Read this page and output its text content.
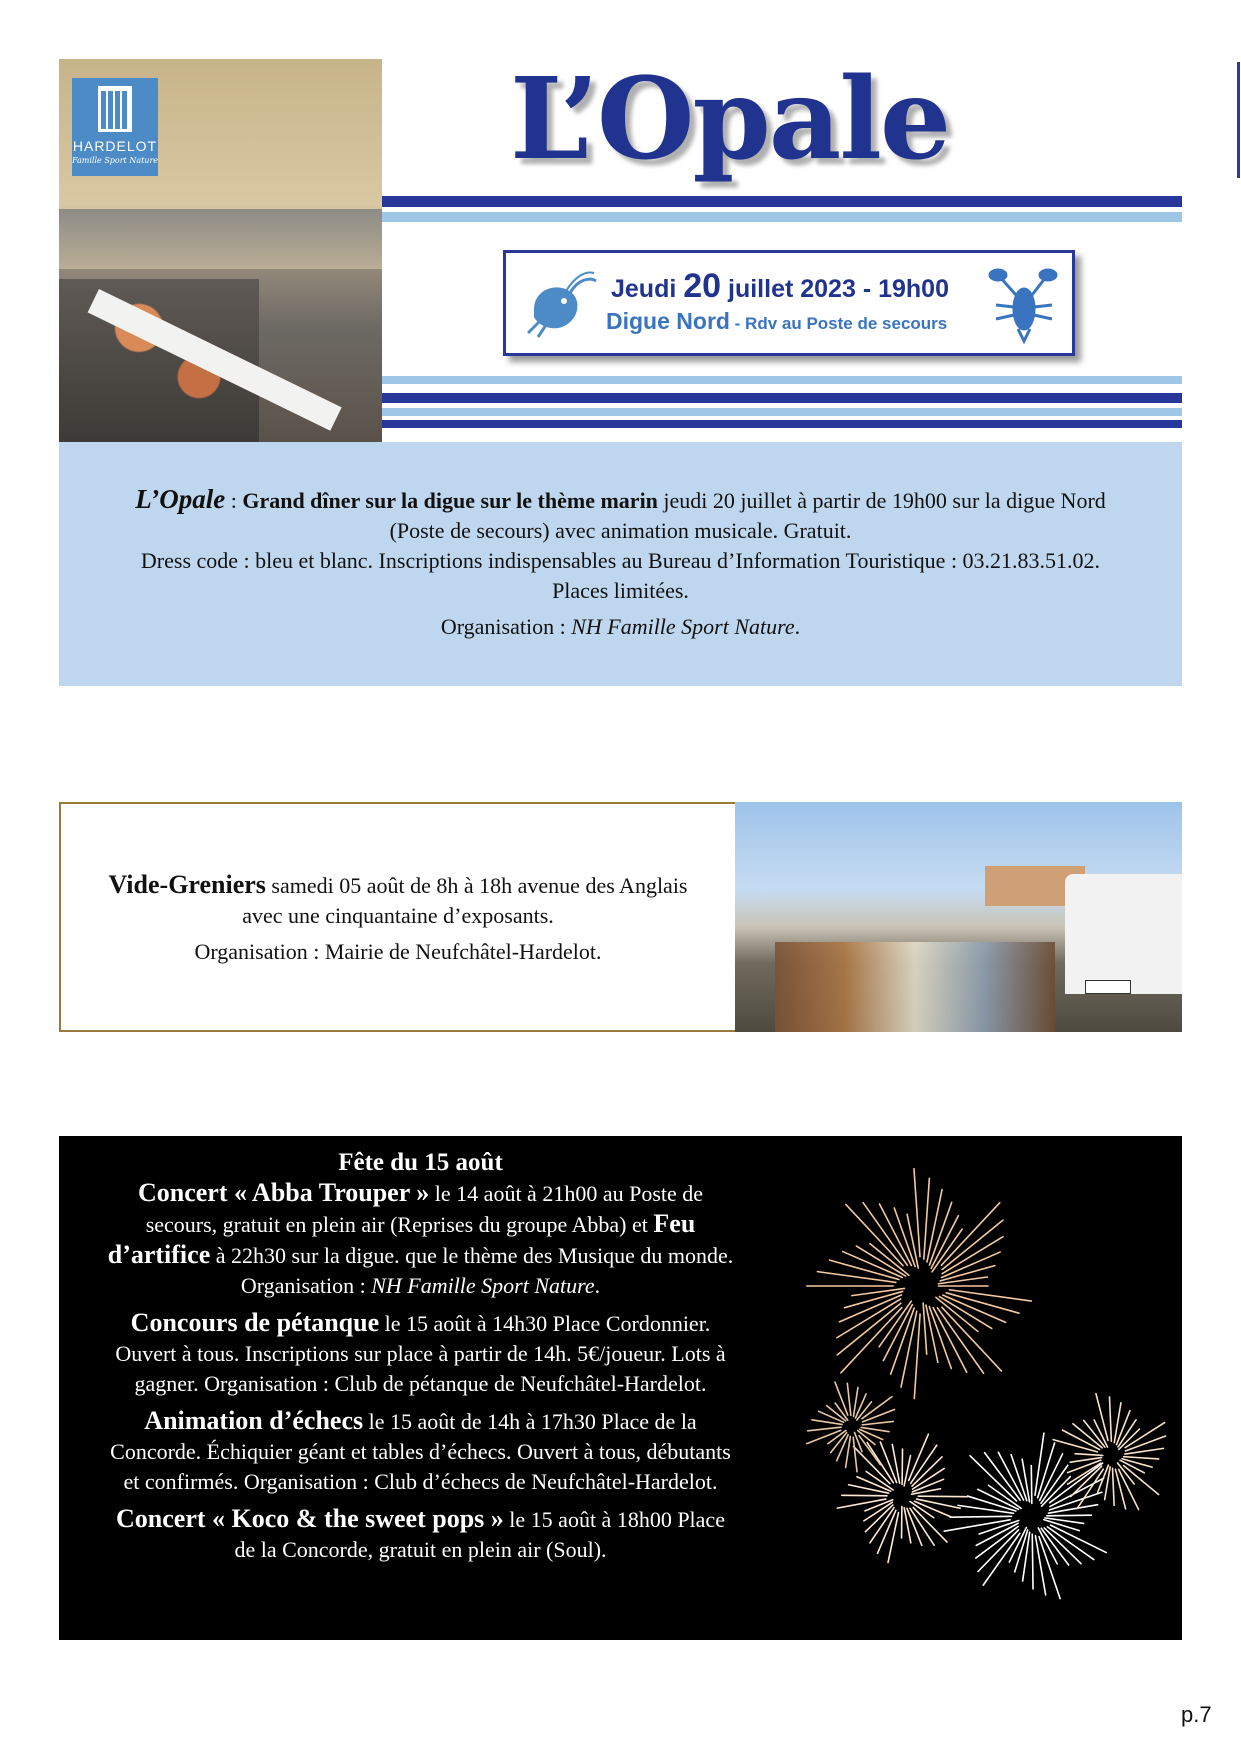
HARDELOT
Famille Sport Nature	L’Opale
Jeudi 20 juillet 2023 - 19h00
Digue Nord - Rdv au Poste de secours

L’Opale : Grand dîner sur la digue sur le thème marin jeudi 20 juillet à partir de 19h00 sur la digue Nord

(Poste de secours) avec animation musicale. Gratuit.

Dress code : bleu et blanc. Inscriptions indispensables au Bureau d’Information Touristique : 03.21.83.51.02.

Places limitées.

Organisation : NH Famille Sport Nature.

Vide-Greniers samedi 05 août de 8h à 18h avenue des Anglais

avec une cinquantaine d’exposants.

Organisation : Mairie de Neufchâtel-Hardelot.

Fête du 15 août

Concert « Abba Trouper » le 14 août à 21h00 au Poste de

secours, gratuit en plein air (Reprises du groupe Abba) et Feu

d’artifice à 22h30 sur la digue. que le thème des Musique du monde.

Organisation : NH Famille Sport Nature.

Concours de pétanque le 15 août à 14h30 Place Cordonnier.

Ouvert à tous. Inscriptions sur place à partir de 14h. 5€/joueur. Lots à

gagner. Organisation : Club de pétanque de Neufchâtel-Hardelot.

Animation d’échecs le 15 août de 14h à 17h30 Place de la

Concorde. Échiquier géant et tables d’échecs. Ouvert à tous, débutants

et confirmés. Organisation : Club d’échecs de Neufchâtel-Hardelot.

Concert « Koco & the sweet pops » le 15 août à 18h00 Place

de la Concorde, gratuit en plein air (Soul).

p.7
